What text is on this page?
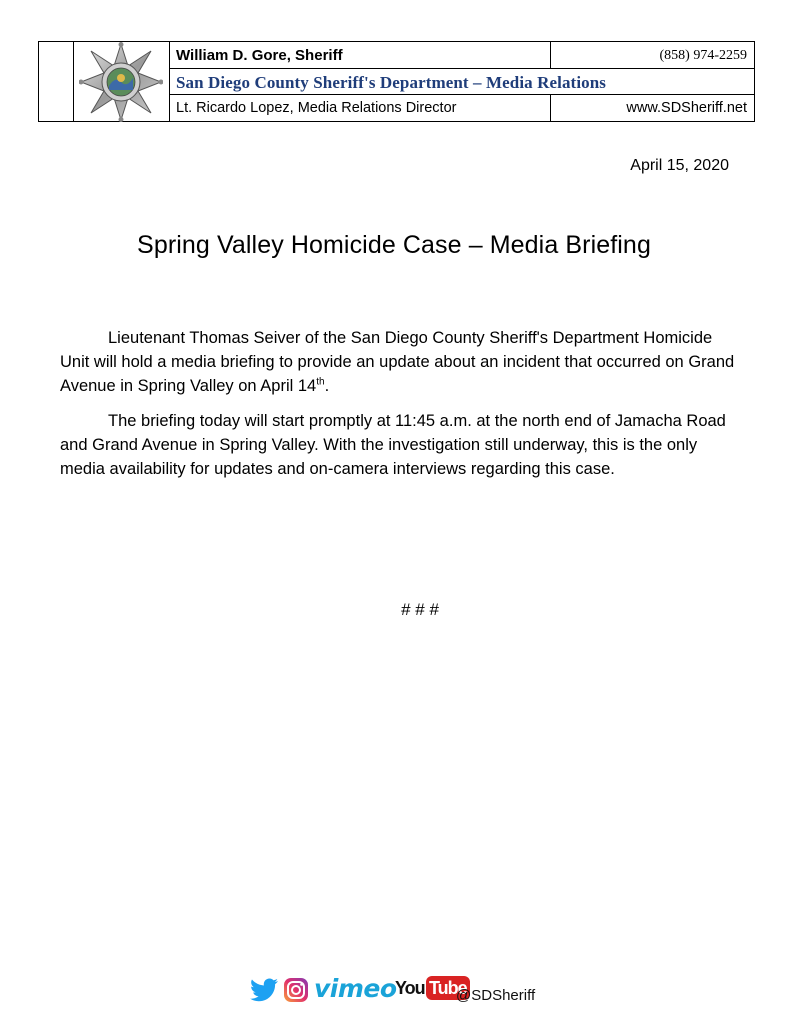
William D. Gore, Sheriff	(858) 974-2259
San Diego County Sheriff's Department – Media Relations
Lt. Ricardo Lopez, Media Relations Director	www.SDSheriff.net
April 15, 2020
Spring Valley Homicide Case – Media Briefing

Lieutenant Thomas Seiver of the San Diego County Sheriff's Department Homicide Unit will hold a media briefing to provide an update about an incident that occurred on Grand Avenue in Spring Valley on April 14th.

The briefing today will start promptly at 11:45 a.m. at the north end of Jamacha Road and Grand Avenue in Spring Valley. With the investigation still underway, this is the only media availability for updates and on-camera interviews regarding this case.

# # #
vimeo
You Tube
@SDSheriff
